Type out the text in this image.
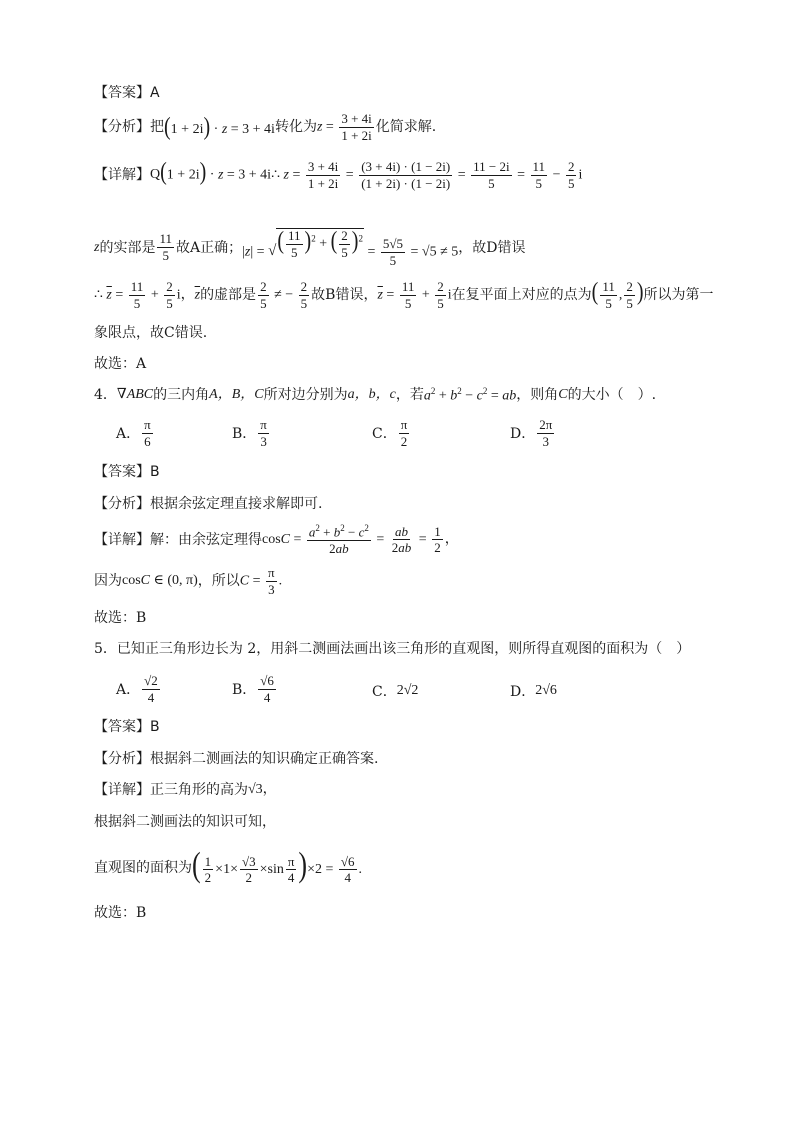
【答案】 A
【分析】 把 (1 + 2i) · z = 3 + 4i 转化为 $z = \frac{3 + 4i}{1 + 2i}$ 化简求解.
【详解】 Q (1 + 2i) · z = 3 + 4i∴ $z = \frac{3 + 4i}{1 + 2i} = \frac{(3 + 4i) \cdot (1 - 2i)}{(1 + 2i) \cdot (1 - 2i)} = \frac{11 - 2i}{5} = \frac{11}{5} - \frac{2}{5}$ i
z 的实部是 $\frac{11}{5}$ 故A正确； |z| = √ ( $\frac{11}{5} )^2$ + ( $\frac{2}{5} )^2$
= $\frac{5√5}{5} = √5 \ne 5$ ，故D错误
∴ $\overline{z} = \frac{11}{5} + \frac{2}{5}$ i，$\overline{z}$ 的虚部是 $\frac{2}{5}$ ≠ − $\frac{2}{5}$ 故B错误， $\overline{z} = \frac{11}{5} + \frac{2}{5}$ i 在复平面上对应的点为 ( $\frac{11}{5}$ , $\frac{2}{5}$ ) 所以为第一
象限点，故C错误.
故选：A
4． ∇ABC 的三内角 A，B，C 所对边分别为 a，b，c ，若 $a^2 + b^2 - c^2$ = ab ，则角 C 的大小（　）.
A． $\frac{\pi}{6}$	B． $\frac{\pi}{3}$	C． $\frac{\pi}{2}$	D． $\frac{2\pi}{3}$
【答案】 B
【分析】 根据余弦定理直接求解即可.
【详解】 解：由余弦定理得 $\cos C = \frac{a^2 + b^2 - c^2}{2ab} = \frac{ab}{2ab} = \frac{1}{2}$ ，
因为 cosC ∈ (0, π) ，所以 $C = \frac{\pi}{3}$ .
故选：B
5．已知正三角形边长为 2，用斜二测画法画出该三角形的直观图，则所得直观图的面积为（　）
A． $\frac{√2}{4}$	B． $\frac{√6}{4}$	C． 2√2	D． 2√6
【答案】 B
【分析】 根据斜二测画法的知识确定正确答案.
【详解】 正三角形的高为 √3，
根据斜二测画法的知识可知，
直观图的面积为 ( $\frac{1}{2} \times 1\times \frac{√3}{2} \times\sin \frac{\pi}{4} )\times 2 = \frac{√6}{4}$ .
故选：B
